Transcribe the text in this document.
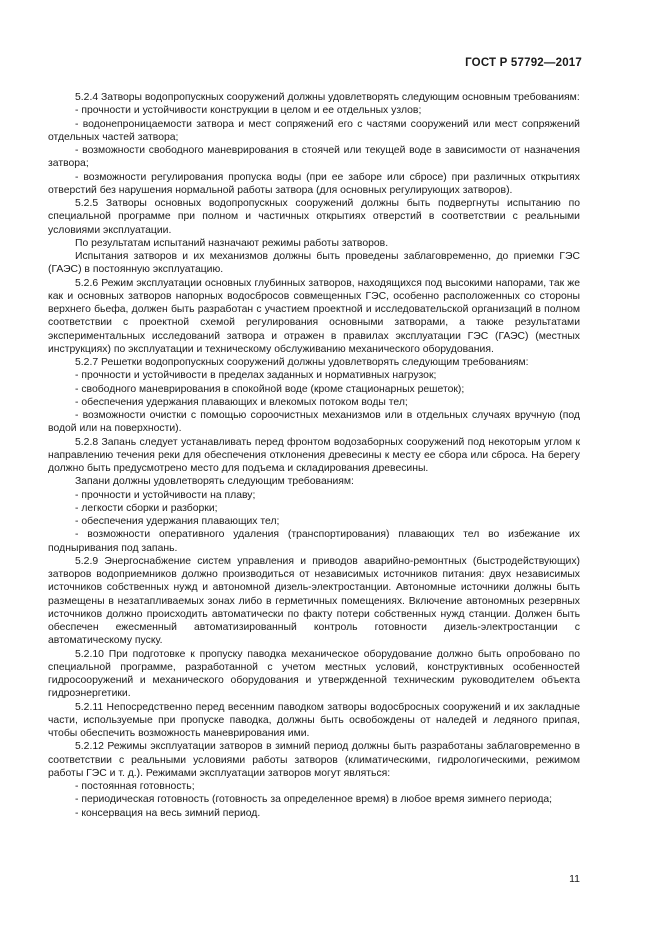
ГОСТ Р 57792—2017

5.2.4 Затворы водопропускных сооружений должны удовлетворять следующим основным требованиям:

- прочности и устойчивости конструкции в целом и ее отдельных узлов;

- водонепроницаемости затвора и мест сопряжений его с частями сооружений или мест сопряжений отдельных частей затвора;

- возможности свободного маневрирования в стоячей или текущей воде в зависимости от назначения затвора;

- возможности регулирования пропуска воды (при ее заборе или сбросе) при различных открытиях отверстий без нарушения нормальной работы затвора (для основных регулирующих затворов).

5.2.5 Затворы основных водопропускных сооружений должны быть подвергнуты испытанию по специальной программе при полном и частичных открытиях отверстий в соответствии с реальными условиями эксплуатации.

По результатам испытаний назначают режимы работы затворов.

Испытания затворов и их механизмов должны быть проведены заблаговременно, до приемки ГЭС (ГАЭС) в постоянную эксплуатацию.

5.2.6 Режим эксплуатации основных глубинных затворов, находящихся под высокими напорами, так же как и основных затворов напорных водосбросов совмещенных ГЭС, особенно расположенных со стороны верхнего бьефа, должен быть разработан с участием проектной и исследовательской организаций в полном соответствии с проектной схемой регулирования основными затворами, а также результатами экспериментальных исследований затвора и отражен в правилах эксплуатации ГЭС (ГАЭС) (местных инструкциях) по эксплуатации и техническому обслуживанию механического оборудования.

5.2.7 Решетки водопропускных сооружений должны удовлетворять следующим требованиям:

- прочности и устойчивости в пределах заданных и нормативных нагрузок;

- свободного маневрирования в спокойной воде (кроме стационарных решеток);

- обеспечения удержания плавающих и влекомых потоком воды тел;

- возможности очистки с помощью сороочистных механизмов или в отдельных случаях вручную (под водой или на поверхности).

5.2.8 Запань следует устанавливать перед фронтом водозаборных сооружений под некоторым углом к направлению течения реки для обеспечения отклонения древесины к месту ее сбора или сброса. На берегу должно быть предусмотрено место для подъема и складирования древесины.

Запани должны удовлетворять следующим требованиям:

- прочности и устойчивости на плаву;

- легкости сборки и разборки;

- обеспечения удержания плавающих тел;

- возможности оперативного удаления (транспортирования) плавающих тел во избежание их подныривания под запань.

5.2.9 Энергоснабжение систем управления и приводов аварийно-ремонтных (быстродействующих) затворов водоприемников должно производиться от независимых источников питания: двух независимых источников собственных нужд и автономной дизель-электростанции. Автономные источники должны быть размещены в незатапливаемых зонах либо в герметичных помещениях. Включение автономных резервных источников должно происходить автоматически по факту потери собственных нужд станции. Должен быть обеспечен ежесменный автоматизированный контроль готовности дизель-электростанции с автоматическому пуску.

5.2.10 При подготовке к пропуску паводка механическое оборудование должно быть опробовано по специальной программе, разработанной с учетом местных условий, конструктивных особенностей гидросооружений и механического оборудования и утвержденной техническим руководителем объекта гидроэнергетики.

5.2.11 Непосредственно перед весенним паводком затворы водосбросных сооружений и их закладные части, используемые при пропуске паводка, должны быть освобождены от наледей и ледяного припая, чтобы обеспечить возможность маневрирования ими.

5.2.12 Режимы эксплуатации затворов в зимний период должны быть разработаны заблаговременно в соответствии с реальными условиями работы затворов (климатическими, гидрологическими, режимом работы ГЭС и т. д.). Режимами эксплуатации затворов могут являться:

- постоянная готовность;

- периодическая готовность (готовность за определенное время) в любое время зимнего периода;

- консервация на весь зимний период.

11
